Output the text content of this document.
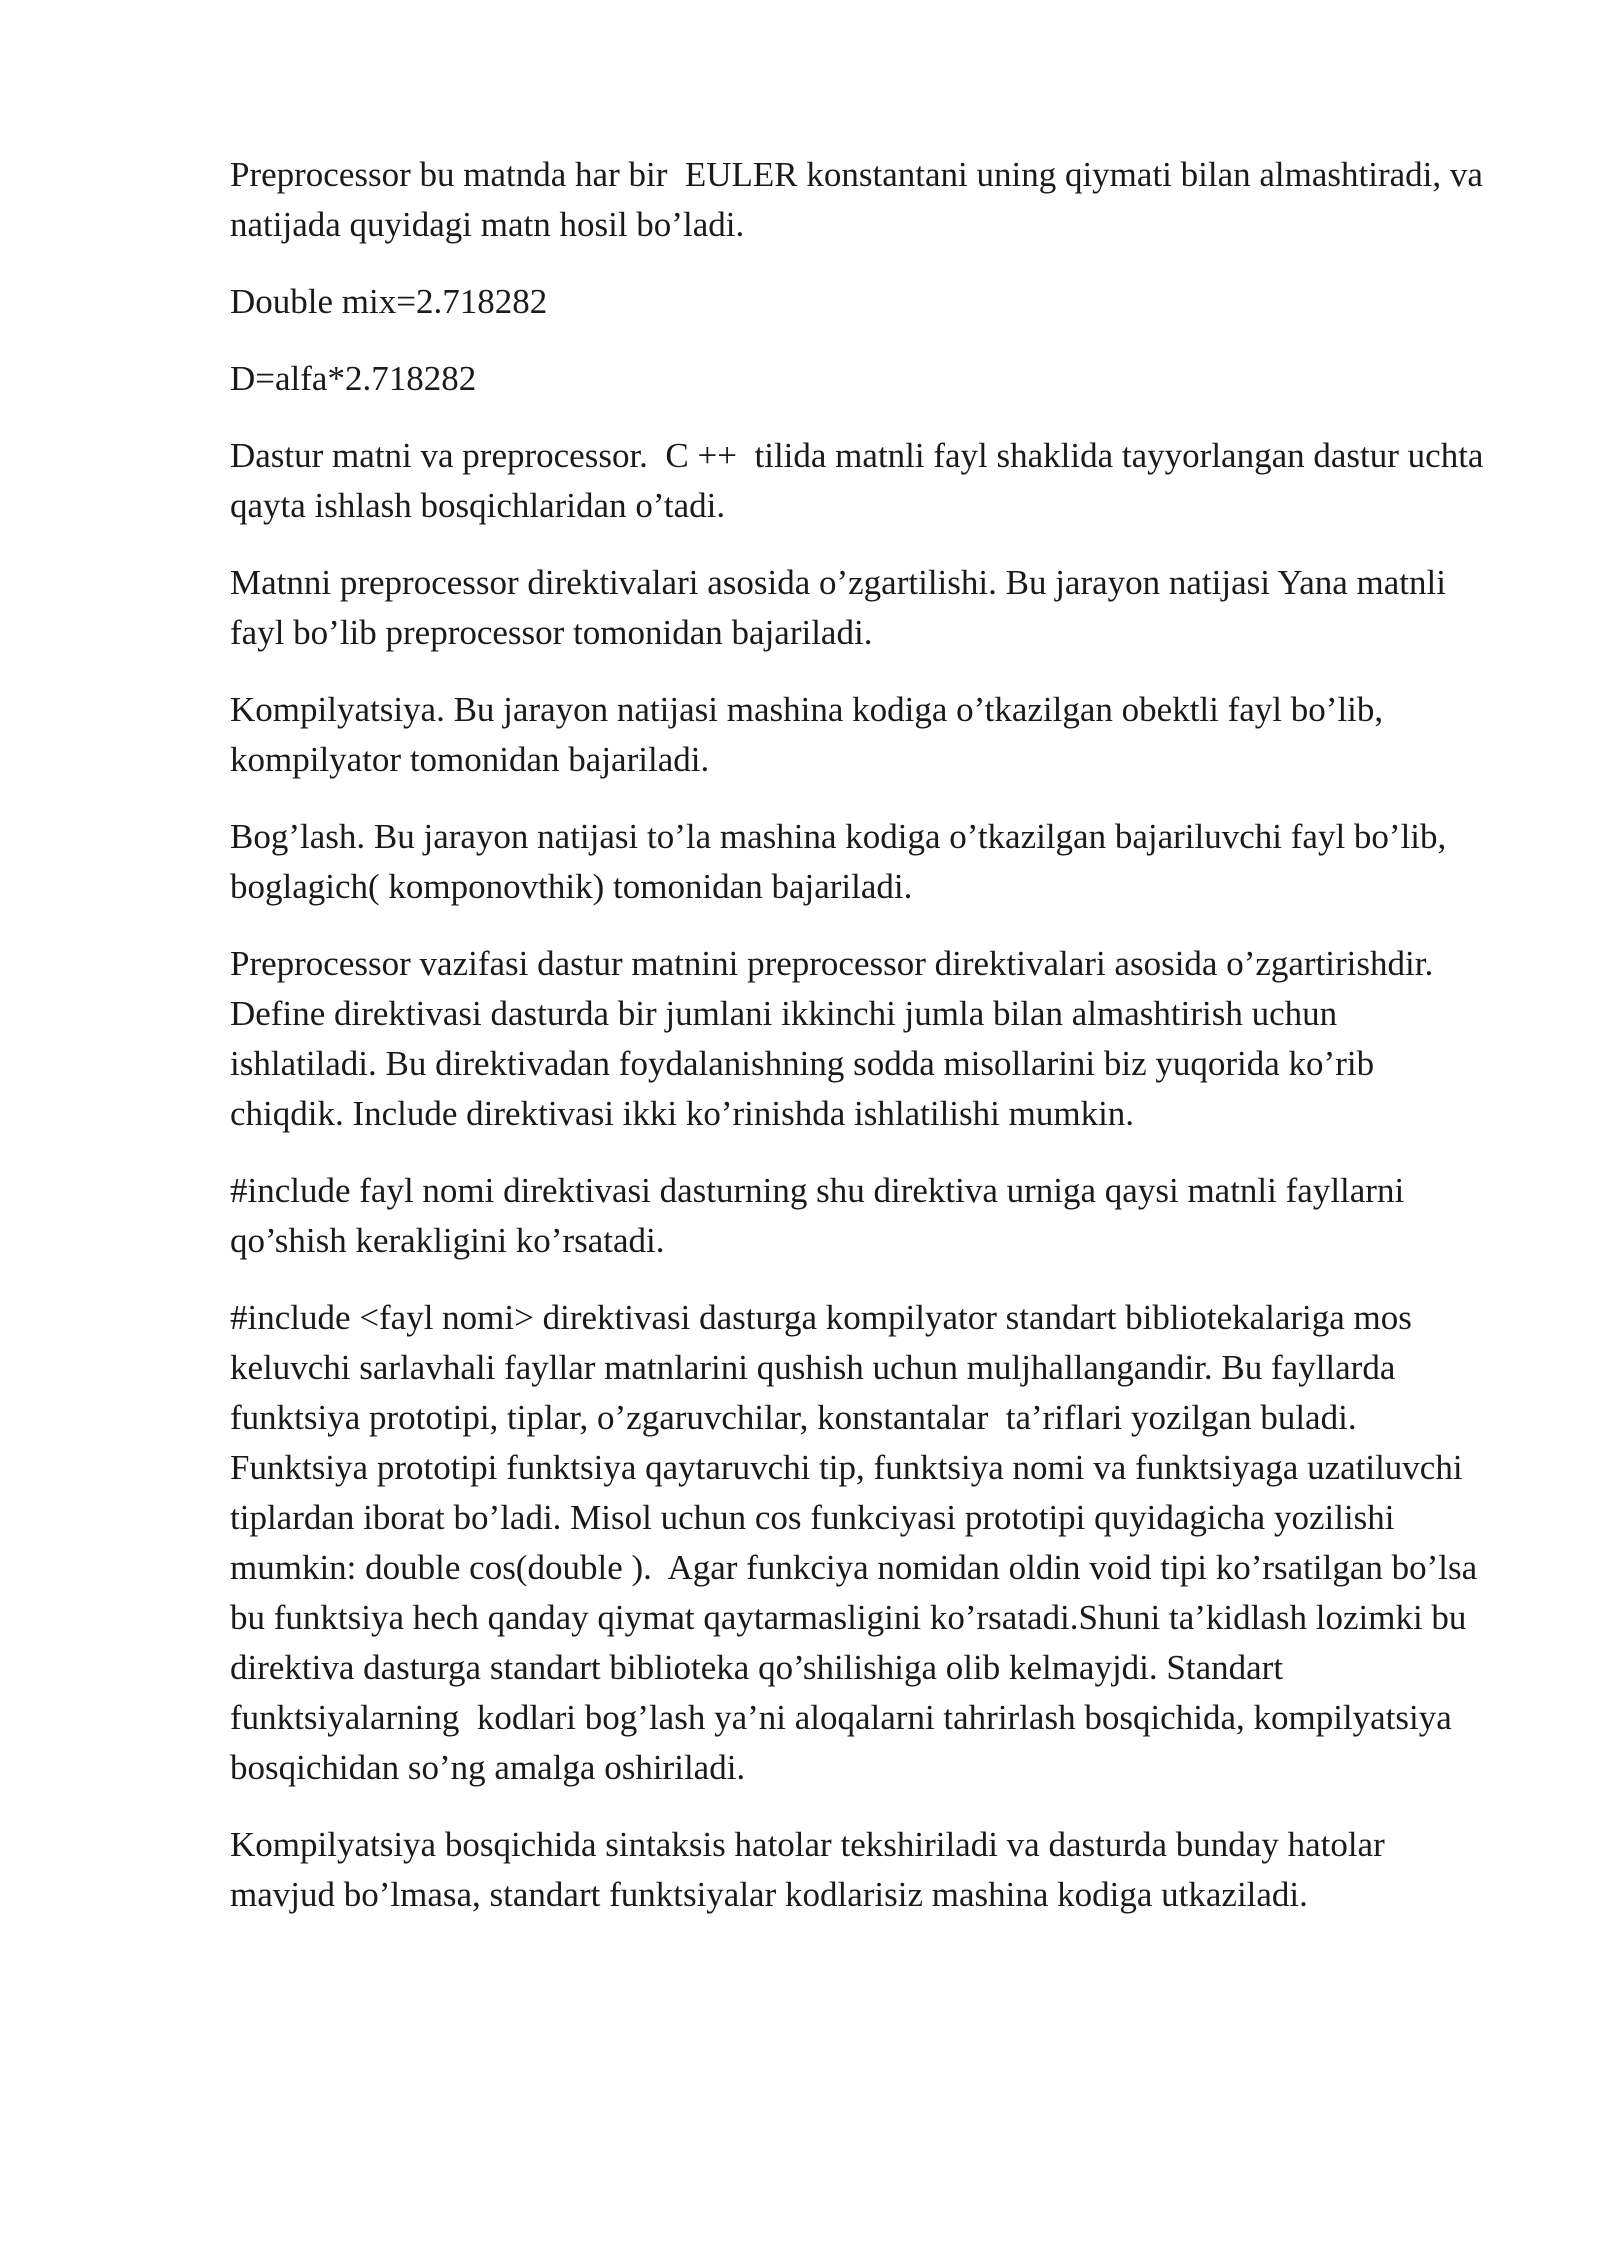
Preprocessor bu matnda har bir  EULER konstantani uning qiymati bilan almashtiradi, va natijada quyidagi matn hosil bo’ladi.

Double mix=2.718282

D=alfa*2.718282

Dastur matni va preprocessor.  C ++  tilida matnli fayl shaklida tayyorlangan dastur uchta qayta ishlash bosqichlaridan o’tadi.

Matnni preprocessor direktivalari asosida o’zgartilishi. Bu jarayon natijasi Yana matnli fayl bo’lib preprocessor tomonidan bajariladi.

Kompilyatsiya. Bu jarayon natijasi mashina kodiga o’tkazilgan obektli fayl bo’lib, kompilyator tomonidan bajariladi.

Bog’lash. Bu jarayon natijasi to’la mashina kodiga o’tkazilgan bajariluvchi fayl bo’lib, boglagich( komponovthik) tomonidan bajariladi.

Preprocessor vazifasi dastur matnini preprocessor direktivalari asosida o’zgartirishdir. Define direktivasi dasturda bir jumlani ikkinchi jumla bilan almashtirish uchun ishlatiladi. Bu direktivadan foydalanishning sodda misollarini biz yuqorida ko’rib chiqdik. Include direktivasi ikki ko’rinishda ishlatilishi mumkin.

#include fayl nomi direktivasi dasturning shu direktiva urniga qaysi matnli fayllarni qo’shish kerakligini ko’rsatadi.

#include <fayl nomi> direktivasi dasturga kompilyator standart bibliotekalariga mos keluvchi sarlavhali fayllar matnlarini qushish uchun muljhallangandir. Bu fayllarda funktsiya prototipi, tiplar, o’zgaruvchilar, konstantalar  ta’riflari yozilgan buladi. Funktsiya prototipi funktsiya qaytaruvchi tip, funktsiya nomi va funktsiyaga uzatiluvchi tiplardan iborat bo’ladi. Misol uchun cos funkciyasi prototipi quyidagicha yozilishi mumkin: double cos(double ).  Agar funkciya nomidan oldin void tipi ko’rsatilgan bo’lsa bu funktsiya hech qanday qiymat qaytarmasligini ko’rsatadi.Shuni ta’kidlash lozimki bu direktiva dasturga standart biblioteka qo’shilishiga olib kelmayjdi. Standart funktsiyalarning  kodlari bog’lash ya’ni aloqalarni tahrirlash bosqichida, kompilyatsiya bosqichidan so’ng amalga oshiriladi.

Kompilyatsiya bosqichida sintaksis hatolar tekshiriladi va dasturda bunday hatolar mavjud bo’lmasa, standart funktsiyalar kodlarisiz mashina kodiga utkaziladi.
